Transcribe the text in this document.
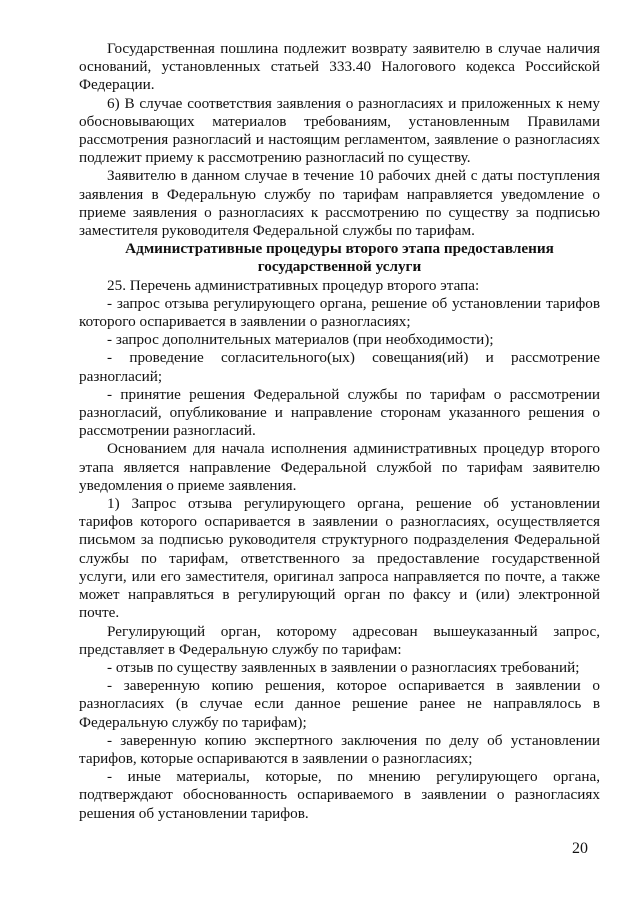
Государственная пошлина подлежит возврату заявителю в случае наличия оснований, установленных статьей 333.40 Налогового кодекса Российской Федерации.

6) В случае соответствия заявления о разногласиях и приложенных к нему обосновывающих материалов требованиям, установленным Правилами рассмотрения разногласий и настоящим регламентом, заявление о разногласиях подлежит приему к рассмотрению разногласий по существу.

Заявителю в данном случае в течение 10 рабочих дней с даты поступления заявления в Федеральную службу по тарифам направляется уведомление о приеме заявления о разногласиях к рассмотрению по существу за подписью заместителя руководителя Федеральной службы по тарифам.

Административные процедуры второго этапа предоставления государственной услуги

25. Перечень административных процедур второго этапа:

- запрос отзыва регулирующего органа, решение об установлении тарифов которого оспаривается в заявлении о разногласиях;

- запрос дополнительных материалов (при необходимости);

- проведение согласительного(ых) совещания(ий) и рассмотрение разногласий;

- принятие решения Федеральной службы по тарифам о рассмотрении разногласий, опубликование и направление сторонам указанного решения о рассмотрении разногласий.

Основанием для начала исполнения административных процедур второго этапа является направление Федеральной службой по тарифам заявителю уведомления о приеме заявления.

1) Запрос отзыва регулирующего органа, решение об установлении тарифов которого оспаривается в заявлении о разногласиях, осуществляется письмом за подписью руководителя структурного подразделения Федеральной службы по тарифам, ответственного за предоставление государственной услуги, или его заместителя, оригинал запроса направляется по почте, а также может направляться в регулирующий орган по факсу и (или) электронной почте.

Регулирующий орган, которому адресован вышеуказанный запрос, представляет в Федеральную службу по тарифам:

- отзыв по существу заявленных в заявлении о разногласиях требований;

- заверенную копию решения, которое оспаривается в заявлении о разногласиях (в случае если данное решение ранее не направлялось в Федеральную службу по тарифам);

- заверенную копию экспертного заключения по делу об установлении тарифов, которые оспариваются в заявлении о разногласиях;

- иные материалы, которые, по мнению регулирующего органа, подтверждают обоснованность оспариваемого в заявлении о разногласиях решения об установлении тарифов.

20
